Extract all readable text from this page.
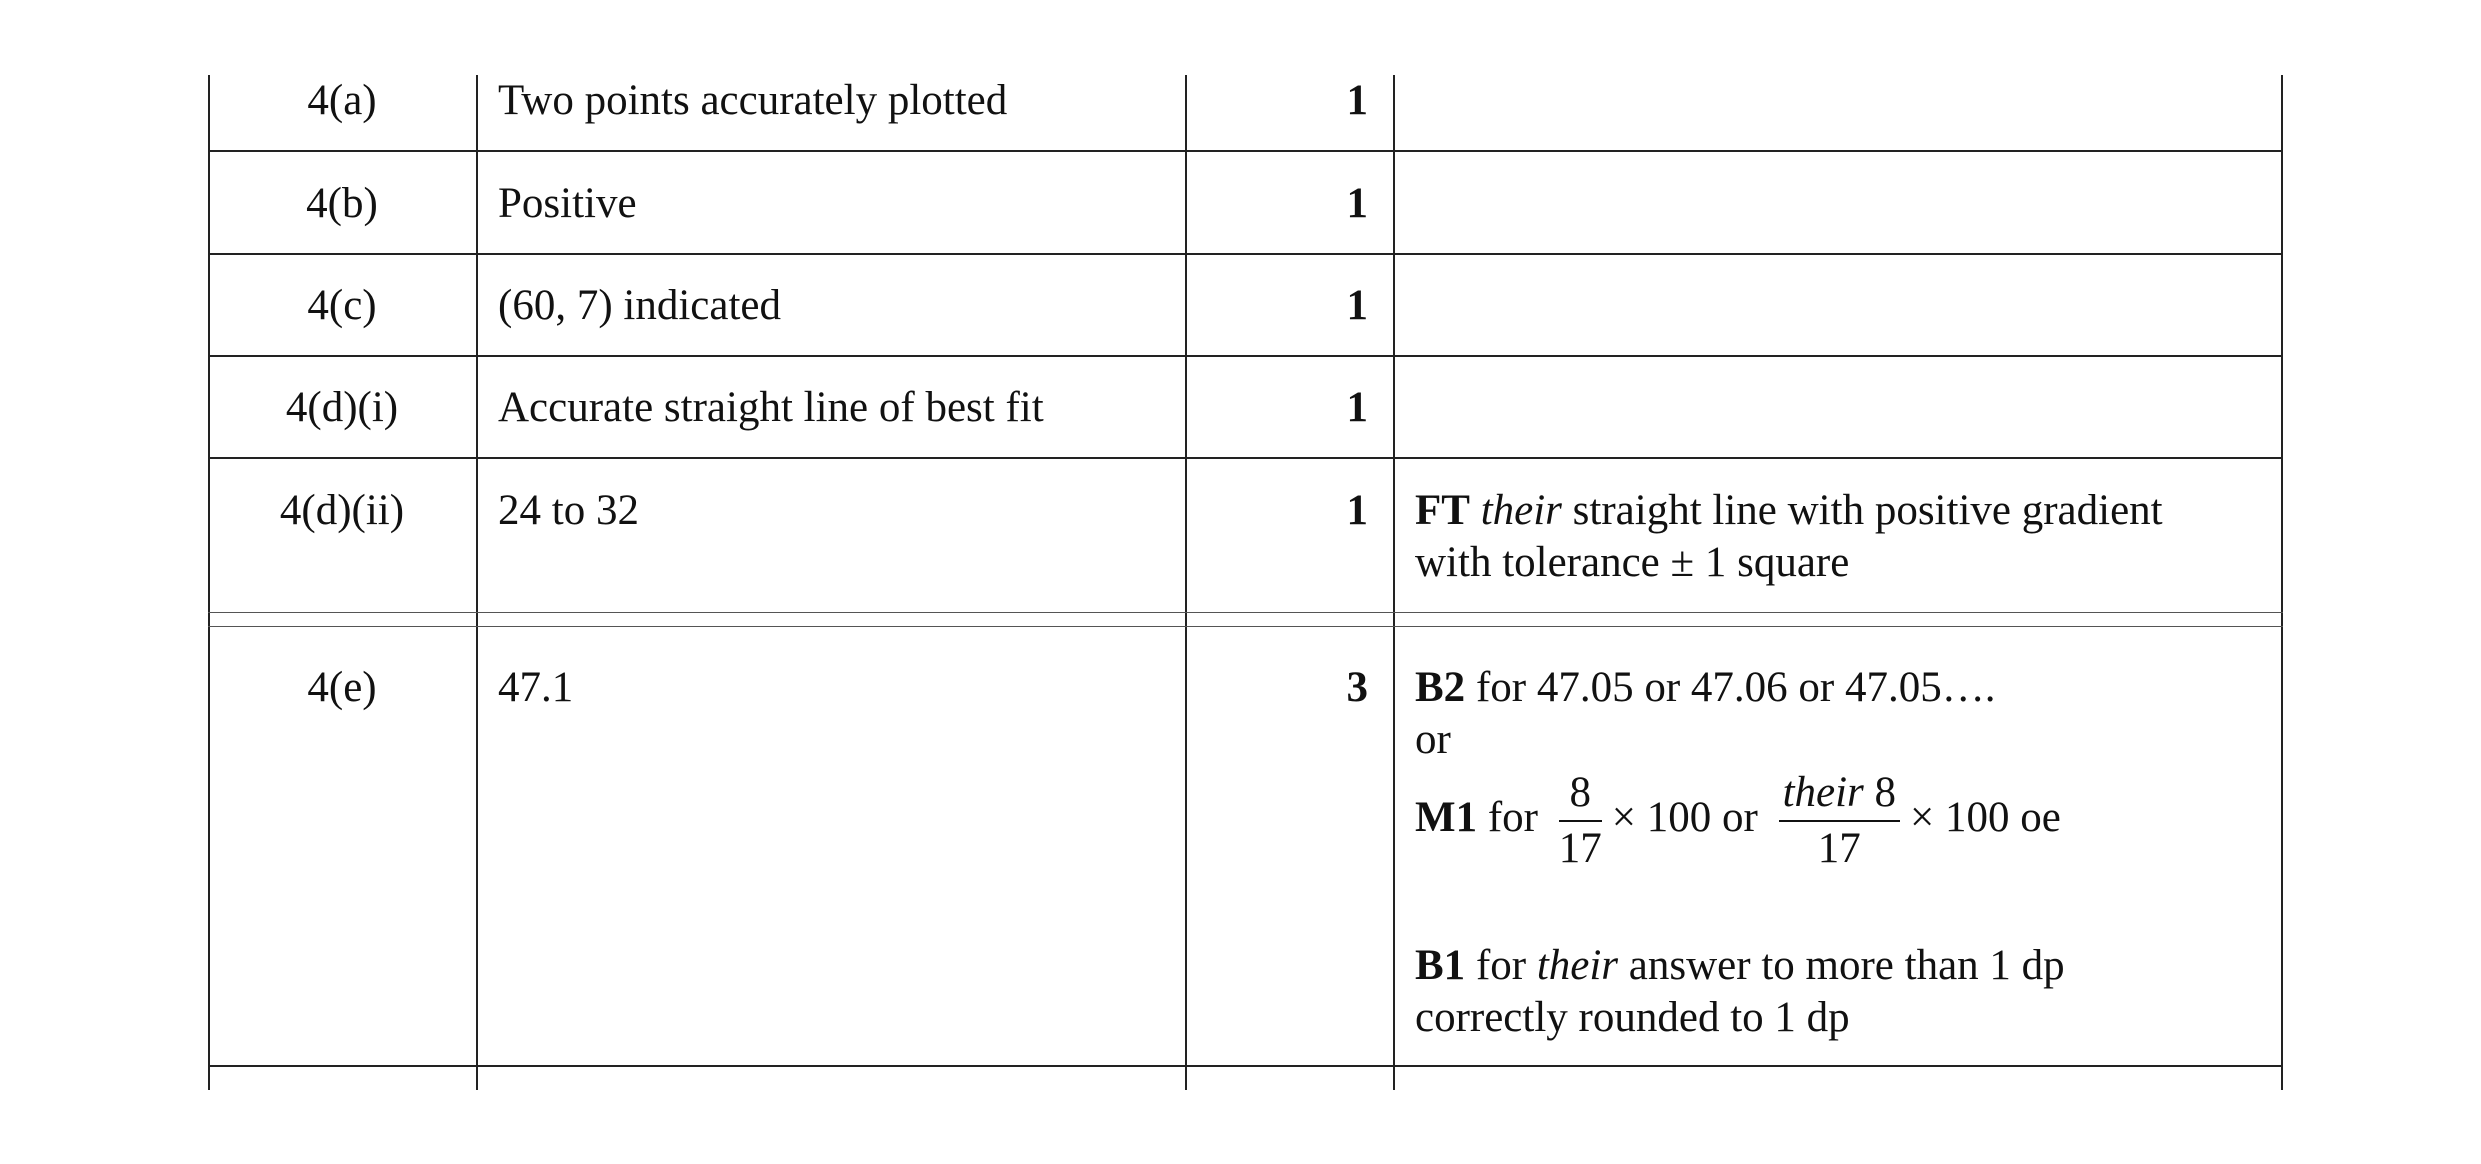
4(a)	Two points accurately plotted	1
4(b)	Positive	1
4(c)	(60, 7) indicated	1
4(d)(i)	Accurate straight line of best fit	1
4(d)(ii)	24 to 32	1 FT their straight line with positive gradient
with tolerance ± 1 square
4(e)	47.1	3 B2 for 47.05 or 47.06 or 47.05….
or
M1 for $\frac{8}{17} \times 100$ or $\frac{\text{their 8}}{17} \times 100$ oe
B1 for their answer to more than 1 dp
correctly rounded to 1 dp
